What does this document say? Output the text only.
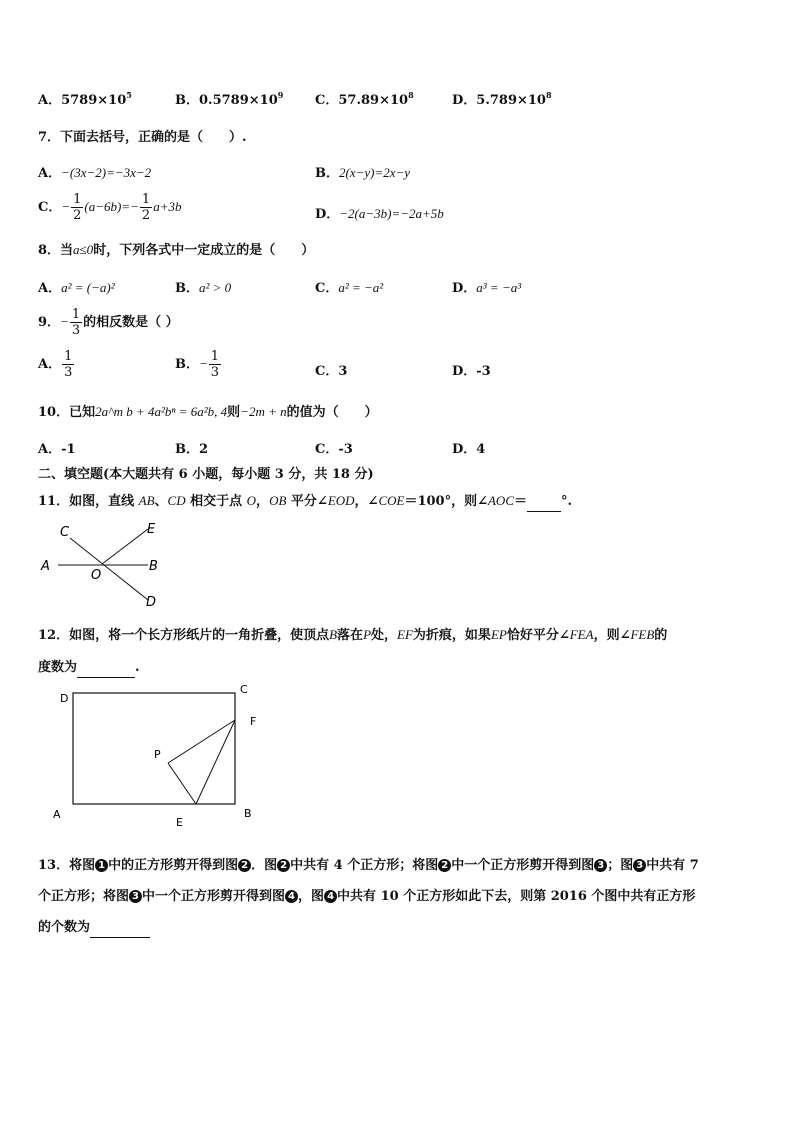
A．$5789\times 10^5$	B．$0.5789\times 10^9$ C．$57.89\times 10^8$	D．$5.789\times 10^8$
7．下面去括号，正确的是（　　）.
A．−(3x−2)=−3x−2	B．2(x−y)=2x−y
C．− $\frac{1}{2} (a-6b)=- \frac{1}{2} a+3b$
D．−2(a−3b)=−2a+5b
8．当a≤0时，下列各式中一定成立的是（　　）
A．a² = (−a)²	B．a² > 0	C．a² = −a²	D．a³ = −a³
9．− $\frac{1}{3}$ 的相反数是（ ）
A． $\frac{1}{3}$	B．− $\frac{1}{3}$	C．3	D．-3
10．已知2a^m b + 4a²bⁿ = 6a²b, 4则−2m + n的值为（　　）
A．-1	B．2	C．-3	D．4
二、填空题(本大题共有 6 小题，每小题 3 分，共 18 分)
11．如图，直线 AB、CD 相交于点 O，OB 平分∠EOD，∠COE＝100°，则∠AOC＝	°.
C	E
A
O
B
D
12．如图，将一个长方形纸片的一角折叠，使顶点B落在P处，EF为折痕，如果EP恰好平分∠FEA，则∠FEB的
度数为	.
D
C
F
P
A
E
B
13．将图 1 中的正方形剪开得到图 2 ．图 2 中共有 4 个正方形；将图 2 中一个正方形剪开得到图 3 ；图 3 中共有 7
个正方形；将图 3 中一个正方形剪开得到图 4 ，图 4 中共有 10 个正方形如此下去，则第 2016 个图中共有正方形
的个数为
